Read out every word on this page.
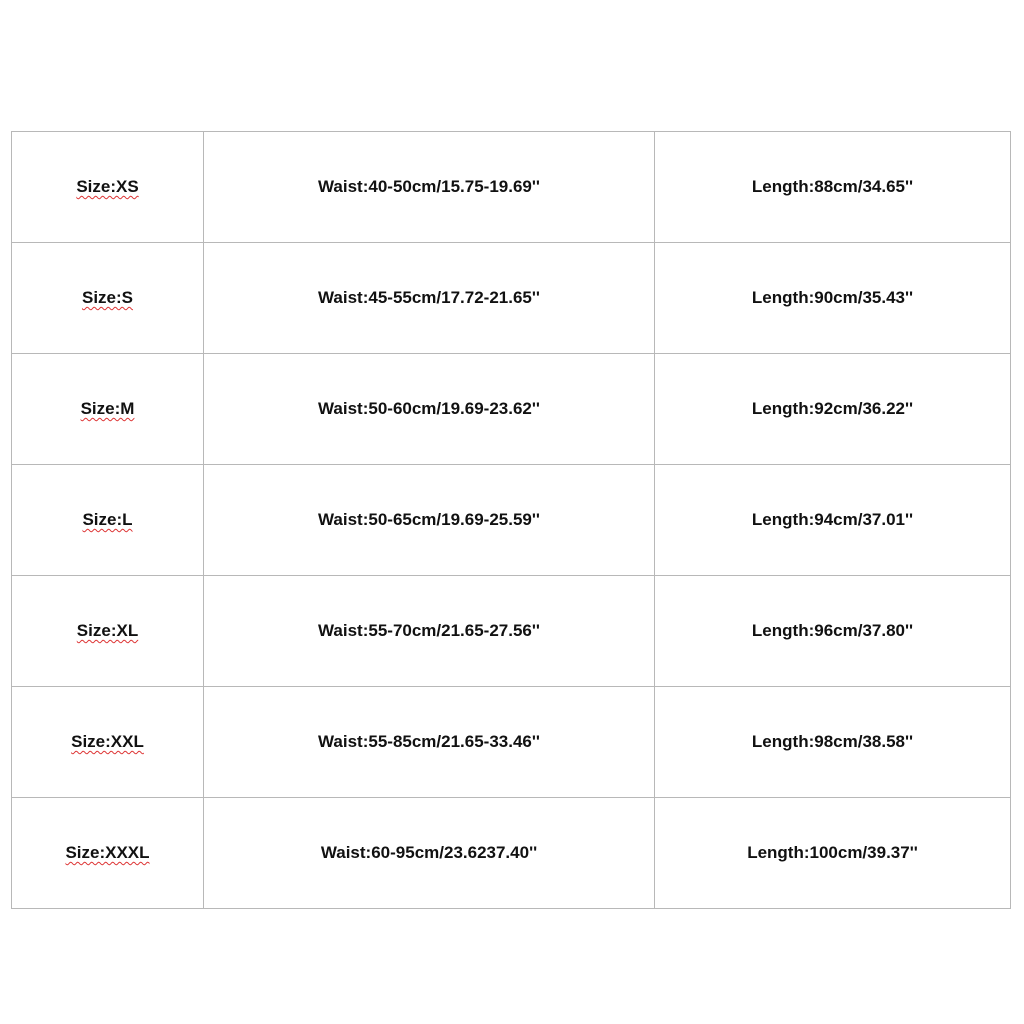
Size:XS	Waist:40-50cm/15.75-19.69''	Length:88cm/34.65''
Size:S	Waist:45-55cm/17.72-21.65''	Length:90cm/35.43''
Size:M	Waist:50-60cm/19.69-23.62''	Length:92cm/36.22''
Size:L	Waist:50-65cm/19.69-25.59''	Length:94cm/37.01''
Size:XL	Waist:55-70cm/21.65-27.56''	Length:96cm/37.80''
Size:XXL	Waist:55-85cm/21.65-33.46''	Length:98cm/38.58''
Size:XXXL	Waist:60-95cm/23.6237.40''	Length:100cm/39.37''
